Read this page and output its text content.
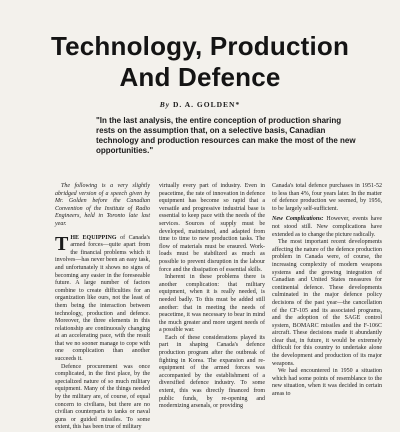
Technology, Production
And Defence
By D. A. GOLDEN*

"In the last analysis, the entire conception of production sharing rests on the assumption that, on a selective basis, Canadian technology and production resources can make the most of the new opportunities."

The following is a very slightly abridged version of a speech given by Mr. Golden before the Canadian Convention of the Institute of Radio Engineers, held in Toronto late last year.

THE EQUIPPING of Canada's armed forces—quite apart from the financial problems which it involves—has never been an easy task, and unfortunately it shows no signs of becoming any easier in the foreseeable future. A large number of factors combine to create difficulties for an organization like ours, not the least of them being the interaction between technology, production and defence. Moreover, the three elements in this relationship are continuously changing at an accelerating pace, with the result that we no sooner manage to cope with one complication than another succeeds it.

Defence procurement was once complicated, in the first place, by the specialized nature of so much military equipment. Many of the things needed by the military are, of course, of equal concern to civilians, but there are no civilian counterparts to tanks or naval guns or guided missiles. To some extent, this has been true of military

virtually every part of industry. Even in peacetime, the rate of innovation in defence equipment has become so rapid that a versatile and progressive industrial base is essential to keep pace with the needs of the services. Sources of supply must be developed, maintained, and adapted from time to time to new production tasks. The flow of materials must be ensured. Work-loads must be stabilized as much as possible to prevent disruption in the labour force and the dissipation of essential skills.

Inherent in these problems there is another complication: that military equipment, when it is really needed, is needed badly. To this must be added still another: that in meeting the needs of peacetime, it was necessary to bear in mind the much greater and more urgent needs of a possible war.

Each of these considerations played its part in shaping Canada's defence production program after the outbreak of fighting in Korea. The expansion and re-equipment of the armed forces was accompanied by the establishment of a diversified defence industry. To some extent, this was directly financed from public funds, by re-opening and modernizing arsenals, or providing

Canada's total defence purchases in 1951-52 to less than 4%, four years later. In the matter of defence production we seemed, by 1956, to be largely self-sufficient.

New Complications: However, events have not stood still. New complications have extended as to change the picture radically.

The most important recent developments affecting the nature of the defence production problem in Canada were, of course, the increasing complexity of modern weapons systems and the growing integration of Canadian and United States measures for continental defence. These developments culminated in the major defence policy decisions of the past year—the cancellation of the CF-105 and its associated programs, and the adoption of the SAGE control system, BOMARC missiles and the F-106C aircraft. These decisions made it abundantly clear that, in future, it would be extremely difficult for this country to undertake alone the development and production of its major weapons.

We had encountered in 1950 a situation which had some points of resemblance to the new situation, when it was decided in certain areas to
